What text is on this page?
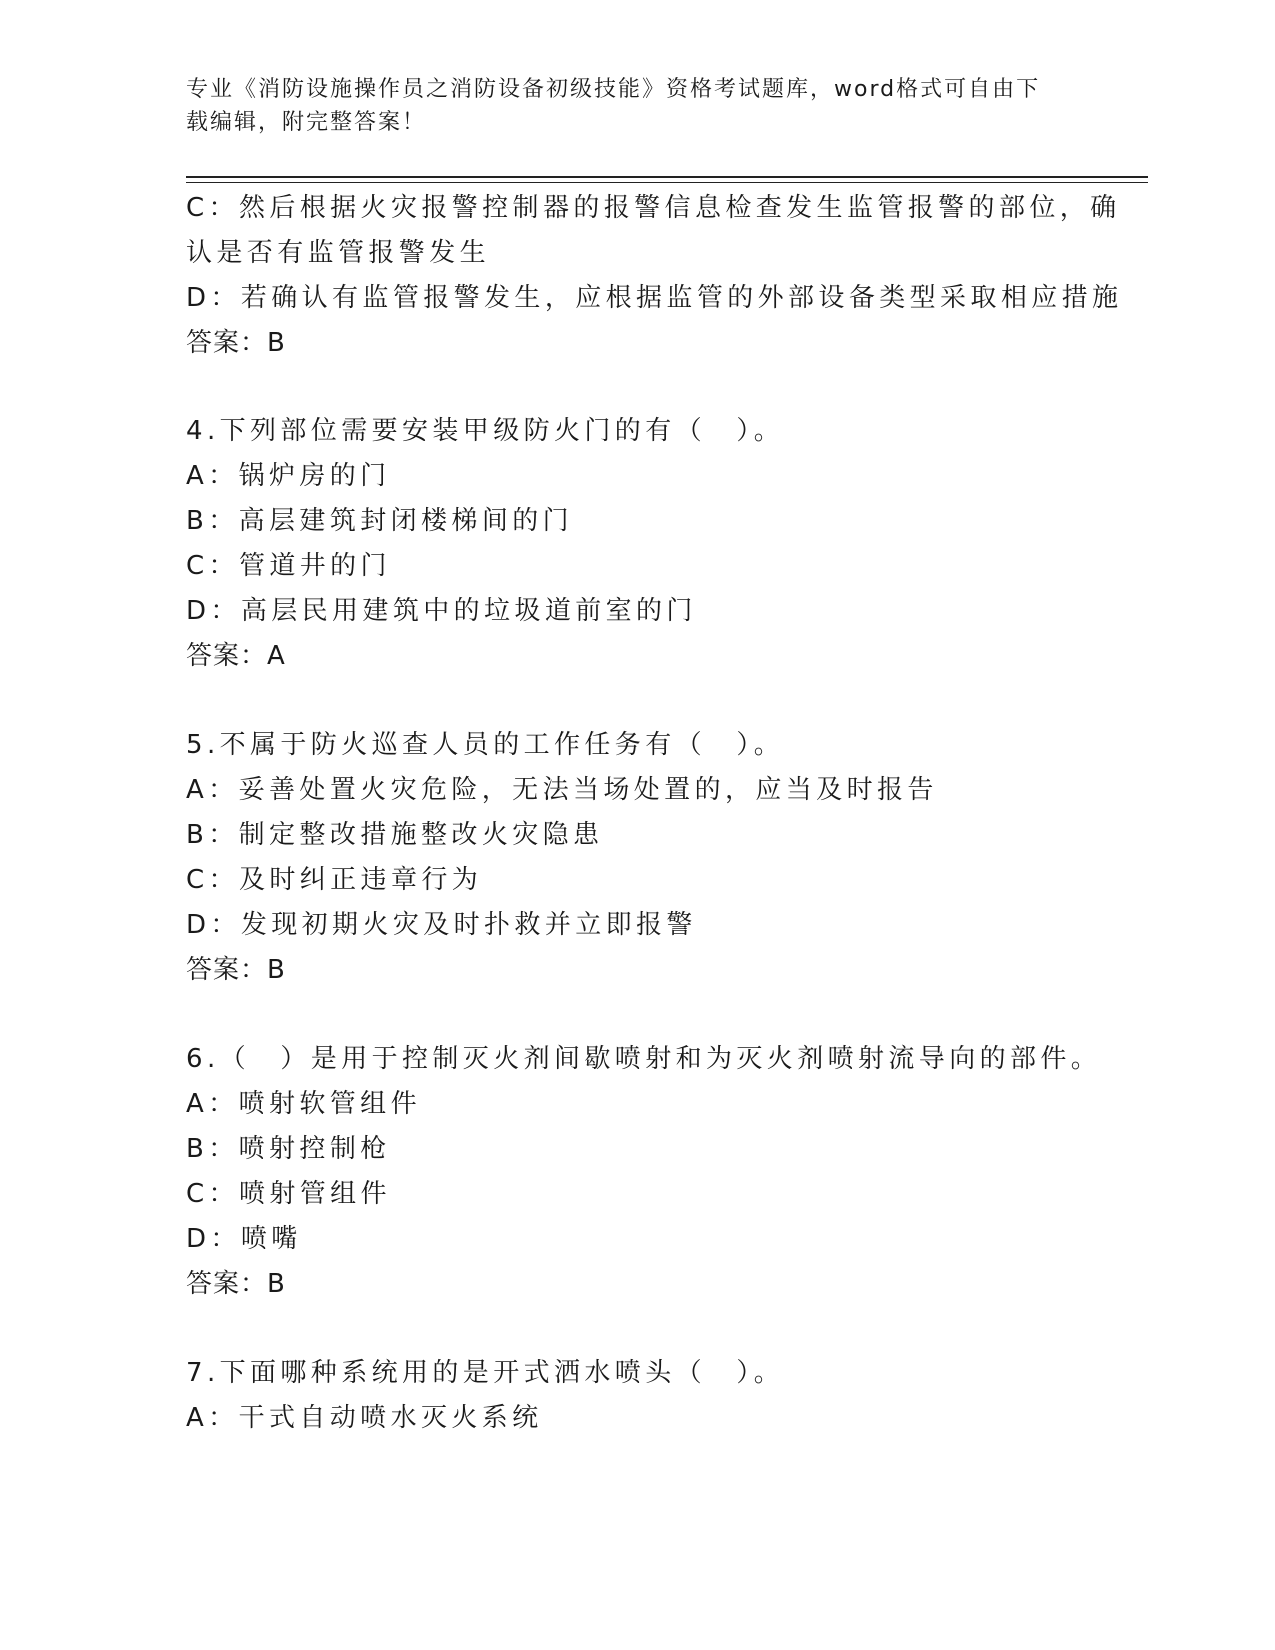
专业《消防设施操作员之消防设备初级技能》资格考试题库，word格式可自由下
载编辑，附完整答案！
C：然后根据火灾报警控制器的报警信息检查发生监管报警的部位，确
认是否有监管报警发生
D：若确认有监管报警发生，应根据监管的外部设备类型采取相应措施
答案：B
4.下列部位需要安装甲级防火门的有（　）。
A：锅炉房的门
B：高层建筑封闭楼梯间的门
C：管道井的门
D：高层民用建筑中的垃圾道前室的门
答案：A
5.不属于防火巡查人员的工作任务有（　）。
A：妥善处置火灾危险，无法当场处置的，应当及时报告
B：制定整改措施整改火灾隐患
C：及时纠正违章行为
D：发现初期火灾及时扑救并立即报警
答案：B
6.（　）是用于控制灭火剂间歇喷射和为灭火剂喷射流导向的部件。
A：喷射软管组件
B：喷射控制枪
C：喷射管组件
D：喷嘴
答案：B
7.下面哪种系统用的是开式洒水喷头（　）。
A：干式自动喷水灭火系统
